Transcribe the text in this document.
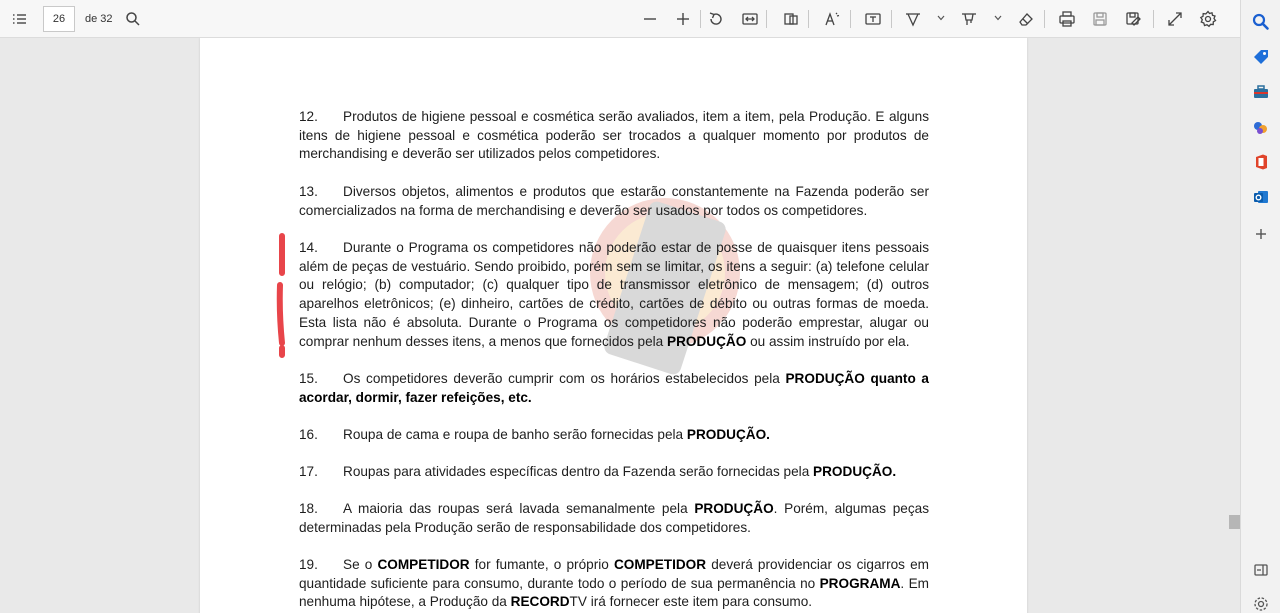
26	de 32
12. Produtos de higiene pessoal e cosmética serão avaliados, item a item, pela Produção. E alguns itens de higiene pessoal e cosmética poderão ser trocados a qualquer momento por produtos de merchandising e deverão ser utilizados pelos competidores.
13. Diversos objetos, alimentos e produtos que estarão constantemente na Fazenda poderão ser comercializados na forma de merchandising e deverão ser usados por todos os competidores.
14. Durante o Programa os competidores não poderão estar de posse de quaisquer itens pessoais além de peças de vestuário. Sendo proibido, porém sem se limitar, os itens a seguir: (a) telefone celular ou relógio; (b) computador; (c) qualquer tipo de transmissor eletrônico de mensagem; (d) outros aparelhos eletrônicos; (e) dinheiro, cartões de crédito, cartões de débito ou outras formas de moeda. Esta lista não é absoluta. Durante o Programa os competidores não poderão emprestar, alugar ou comprar nenhum desses itens, a menos que fornecidos pela PRODUÇÃO ou assim instruído por ela.
15. Os competidores deverão cumprir com os horários estabelecidos pela PRODUÇÃO quanto a acordar, dormir, fazer refeições, etc.
16. Roupa de cama e roupa de banho serão fornecidas pela PRODUÇÃO.
17. Roupas para atividades específicas dentro da Fazenda serão fornecidas pela PRODUÇÃO.
18. A maioria das roupas será lavada semanalmente pela PRODUÇÃO. Porém, algumas peças determinadas pela Produção serão de responsabilidade dos competidores.
19. Se o COMPETIDOR for fumante, o próprio COMPETIDOR deverá providenciar os cigarros em quantidade suficiente para consumo, durante todo o período de sua permanência no PROGRAMA. Em nenhuma hipótese, a Produção da RECORDTV irá fornecer este item para consumo.
